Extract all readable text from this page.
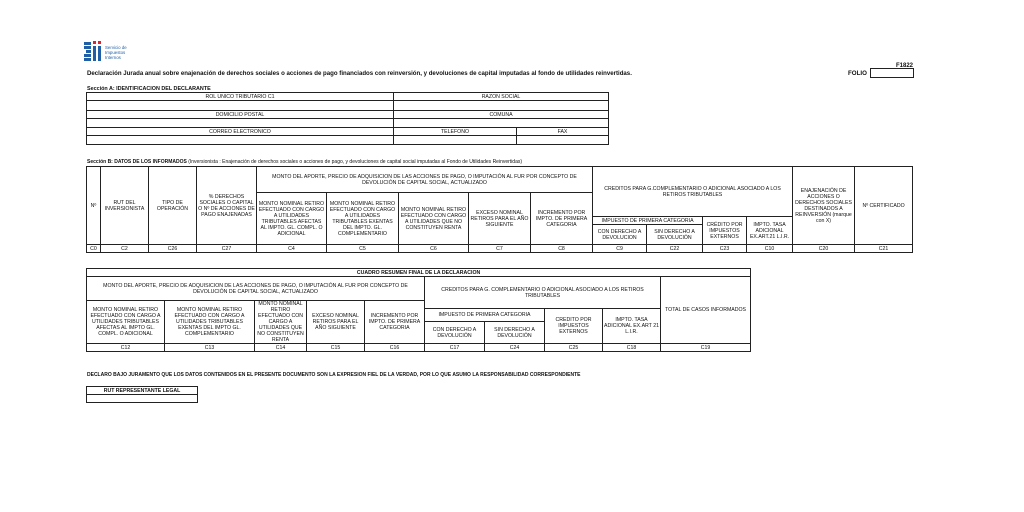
Servicio de
Impuestos
Internos
F1822
Declaración Jurada anual sobre enajenación de derechos sociales o acciones de pago financiados con reinversión, y devoluciones de capital imputadas al fondo de utilidades reinvertidas.	FOLIO
Sección A: IDENTIFICACION DEL DECLARANTE
ROL UNICO TRIBUTARIO C1	RAZON SOCIAL	

DOMICILIO POSTAL	COMUNA	

CORREO ELECTRONICO	TELEFONO	FAX

Sección B: DATOS DE LOS INFORMADOS (Inversionista : Enajenación de derechos sociales o acciones de pago, y devoluciones de capital social imputadas al Fondo de Utilidades Reinvertidas)
Nº	RUT DEL INVERSIONISTA	TIPO DE OPERACIÓN	% DERECHOS SOCIALES O CAPITAL O Nº DE ACCIONES DE PAGO ENAJENADAS	MONTO DEL APORTE, PRECIO DE ADQUISICION DE LAS ACCIONES DE PAGO, O IMPUTACIÓN AL FUR POR CONCEPTO DE DEVOLUCIÓN DE CAPITAL SOCIAL, ACTUALIZADO					CREDITOS PARA G.COMPLEMENTARIO O ADICIONAL ASOCIADO A LOS RETIROS TRIBUTABLES				ENAJENACIÓN DE ACCIONES O DERECHOS SOCIALES DESTINADOS A REINVERSIÓN (marque con X)	Nº CERTIFICADO
				MONTO NOMINAL RETIRO EFECTUADO CON CARGO A UTILIDADES TRIBUTABLES AFECTAS AL IMPTO. GL. COMPL. O ADICIONAL	MONTO NOMINAL RETIRO EFECTUADO CON CARGO A UTILIDADES TRIBUTABLES EXENTAS DEL IMPTO. GL. COMPLEMENTARIO	MONTO NOMINAL RETIRO EFECTUADO CON CARGO A UTILIDADES QUE NO CONSTITUYEN RENTA	EXCESO NOMINAL RETIROS PARA EL AÑO SIGUIENTE	INCREMENTO POR IMPTO. DE PRIMERA CATEGORIA						
									IMPUESTO DE PRIMERA CATEGORIA		CRÉDITO POR IMPUESTOS EXTERNOS	IMPTO. TASA ADICIONAL EX.ART.21 L.I.R.		
									CON DERECHO A DEVOLUCION	SIN DERECHO A DEVOLUCIÓN				
C0	C2	C26	C27	C4	C5	C6	C7	C8	C9	C22	C23	C10	C20	C21
CUADRO RESUMEN FINAL DE LA DECLARACION									
MONTO DEL APORTE, PRECIO DE ADQUISICION DE LAS ACCIONES DE PAGO, O IMPUTACIÓN AL FUR POR CONCEPTO DE DEVOLUCIÓN DE CAPITAL SOCIAL, ACTUALIZADO					CREDITOS PARA G. COMPLEMENTARIO O ADICIONAL ASOCIADO A LOS RETIROS TRIBUTABLES				TOTAL DE CASOS INFORMADOS
MONTO NOMINAL RETIRO EFECTUADO CON CARGO A UTILIDADES TRIBUTABLES AFECTAS AL IMPTO GL. COMPL. O ADICIONAL	MONTO NOMINAL RETIRO EFECTUADO CON CARGO A UTILIDADES TRIBUTABLES EXENTAS DEL IMPTO GL. COMPLEMENTARIO	MONTO NOMINAL RETIRO EFECTUADO CON CARGO A UTILIDADES QUE NO CONSTITUYEN RENTA	EXCESO NOMINAL RETIROS PARA EL AÑO SIGUIENTE	INCREMENTO POR IMPTO. DE PRIMERA CATEGORIA					
					IMPUESTO DE PRIMERA CATEGORIA		CREDITO POR IMPUESTOS EXTERNOS	IMPTO. TASA ADICIONAL EX.ART 21 L.I.R.	
					CON DERECHO A DEVOLUCIÓN	SIN DERECHO A DEVOLUCIÓN			
C12	C13	C14	C15	C16	C17	C24	C25	C18	C19
DECLARO BAJO JURAMENTO QUE LOS DATOS CONTENIDOS EN EL PRESENTE DOCUMENTO SON LA EXPRESION FIEL DE LA VERDAD, POR LO QUE ASUMO LA RESPONSABILIDAD CORRESPONDIENTE
RUT REPRESENTANTE LEGAL
